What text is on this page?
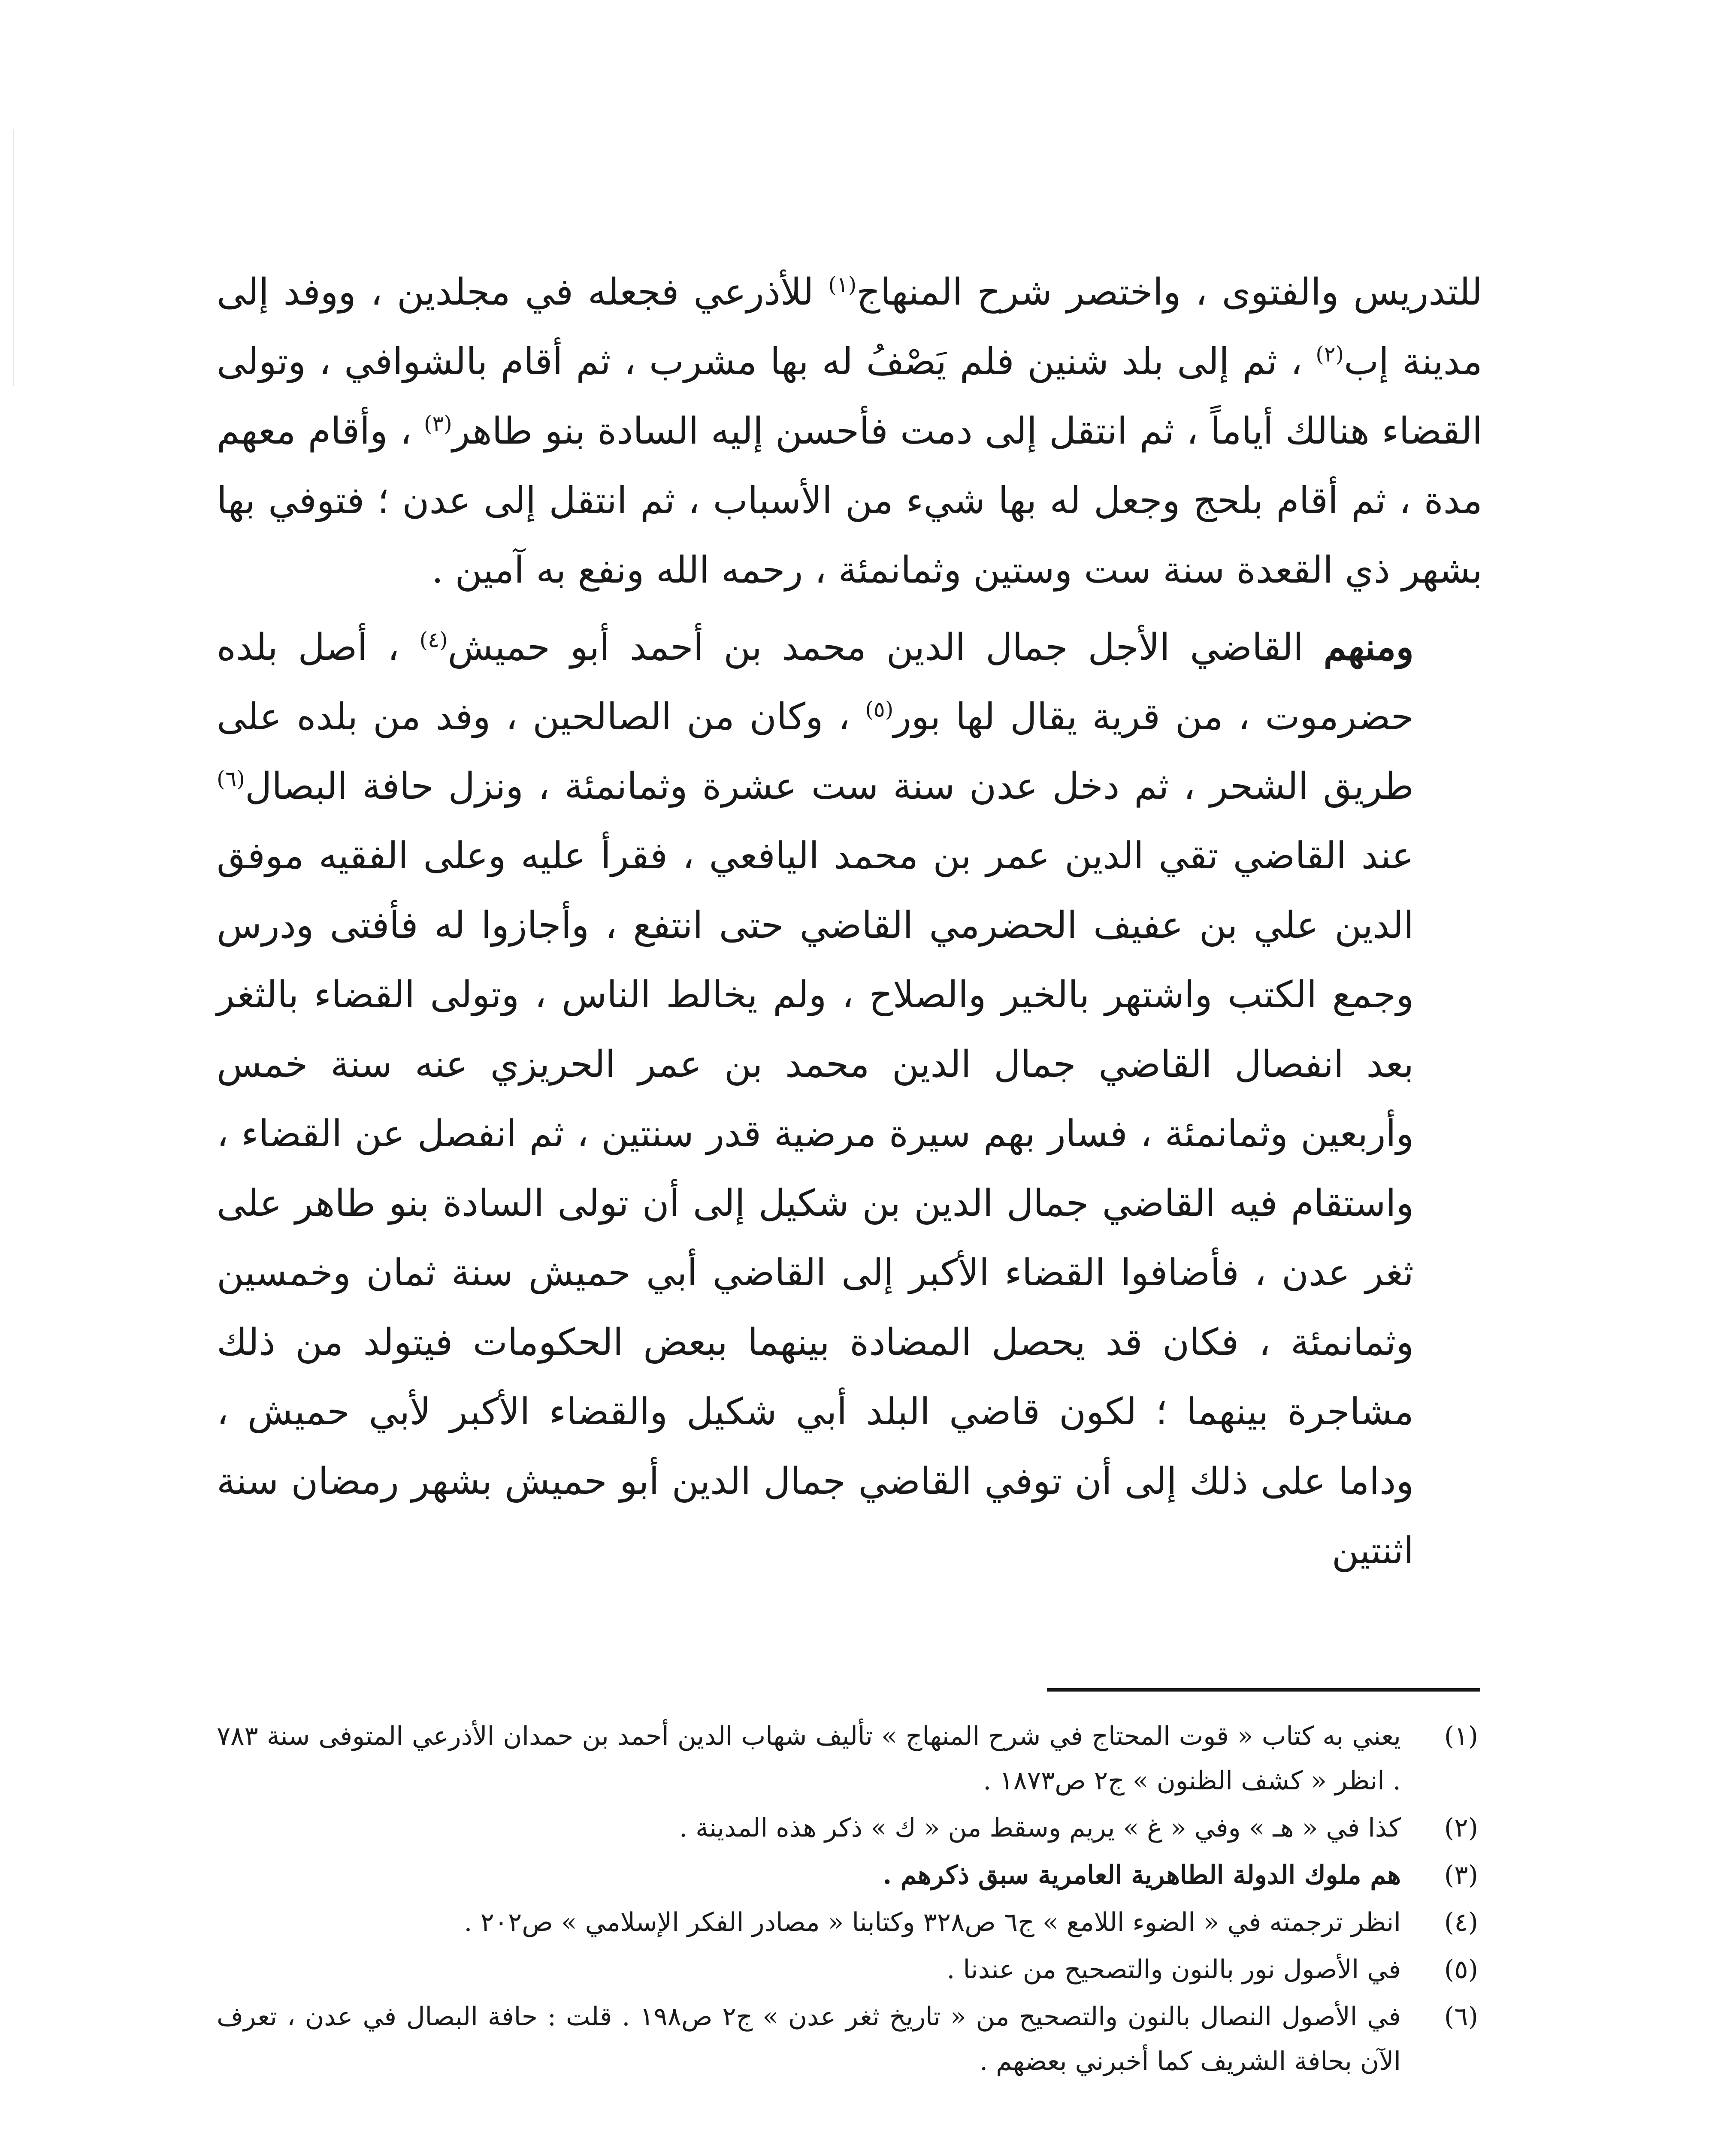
للتدريس والفتوى ، واختصر شرح المنهاج$^{(١)}$ للأذرعي فجعله في مجلدين ، ووفد إلى مدينة إب$^{(٢)}$ ، ثم إلى بلد شنين فلم يَصْفُ له بها مشرب ، ثم أقام بالشوافي ، وتولى القضاء هنالك أياماً ، ثم انتقل إلى دمت فأحسن إليه السادة بنو طاهر$^{(٣)}$ ، وأقام معهم مدة ، ثم أقام بلحج وجعل له بها شيء من الأسباب ، ثم انتقل إلى عدن ؛ فتوفي بها بشهر ذي القعدة سنة ست وستين وثمانمئة ، رحمه الله ونفع به آمين .

ومنهم القاضي الأجل جمال الدين محمد بن أحمد أبو حميش$^{(٤)}$ ، أصل بلده حضرموت ، من قرية يقال لها بور$^{(٥)}$ ، وكان من الصالحين ، وفد من بلده على طريق الشحر ، ثم دخل عدن سنة ست عشرة وثمانمئة ، ونزل حافة البصال$^{(٦)}$ عند القاضي تقي الدين عمر بن محمد اليافعي ، فقرأ عليه وعلى الفقيه موفق الدين علي بن عفيف الحضرمي القاضي حتى انتفع ، وأجازوا له فأفتى ودرس وجمع الكتب واشتهر بالخير والصلاح ، ولم يخالط الناس ، وتولى القضاء بالثغر بعد انفصال القاضي جمال الدين محمد بن عمر الحريزي عنه سنة خمس وأربعين وثمانمئة ، فسار بهم سيرة مرضية قدر سنتين ، ثم انفصل عن القضاء ، واستقام فيه القاضي جمال الدين بن شكيل إلى أن تولى السادة بنو طاهر على ثغر عدن ، فأضافوا القضاء الأكبر إلى القاضي أبي حميش سنة ثمان وخمسين وثمانمئة ، فكان قد يحصل المضادة بينهما ببعض الحكومات فيتولد من ذلك مشاجرة بينهما ؛ لكون قاضي البلد أبي شكيل والقضاء الأكبر لأبي حميش ، وداما على ذلك إلى أن توفي القاضي جمال الدين أبو حميش بشهر رمضان سنة اثنتين

(١)
يعني به كتاب « قوت المحتاج في شرح المنهاج » تأليف شهاب الدين أحمد بن حمدان الأذرعي المتوفى سنة ٧٨٣ . انظر « كشف الظنون » ج٢ ص١٨٧٣ .
(٢)
كذا في « هـ » وفي « غ » يريم وسقط من « ك » ذكر هذه المدينة .
(٣)
هم ملوك الدولة الطاهرية العامرية سبق ذكرهم .
(٤)
انظر ترجمته في « الضوء اللامع » ج٦ ص٣٢٨ وكتابنا « مصادر الفكر الإسلامي » ص٢٠٢ .
(٥)
في الأصول نور بالنون والتصحيح من عندنا .
(٦)
في الأصول النصال بالنون والتصحيح من « تاريخ ثغر عدن » ج٢ ص١٩٨ . قلت : حافة البصال في عدن ، تعرف الآن بحافة الشريف كما أخبرني بعضهم .
